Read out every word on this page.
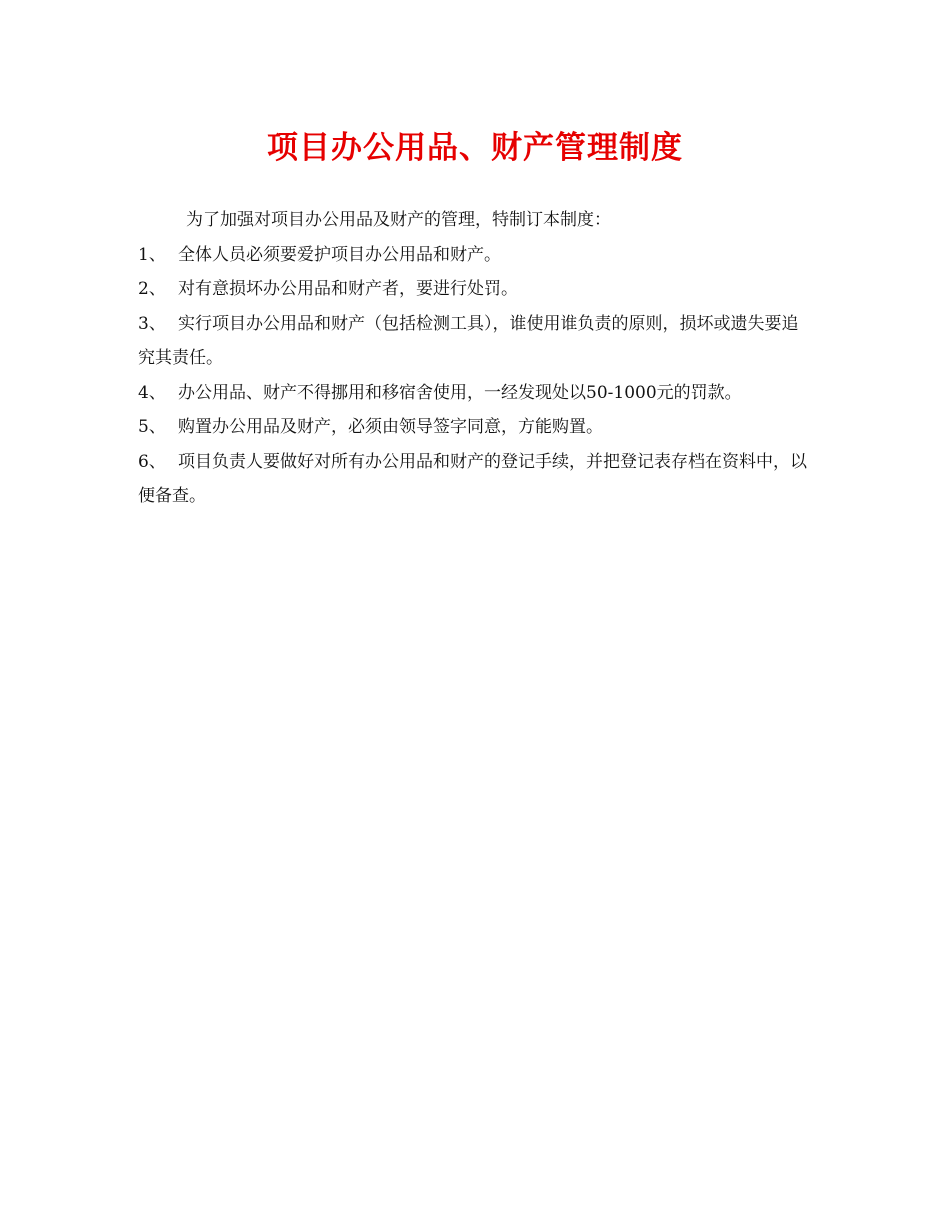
项目办公用品、财产管理制度

为了加强对项目办公用品及财产的管理，特制订本制度：

1、 全体人员必须要爱护项目办公用品和财产。

2、 对有意损坏办公用品和财产者，要进行处罚。

3、 实行项目办公用品和财产（包括检测工具），谁使用谁负责的原则，损坏或遗失要追究其责任。

4、 办公用品、财产不得挪用和移宿舍使用，一经发现处以50-1000元的罚款。

5、 购置办公用品及财产，必须由领导签字同意，方能购置。

6、 项目负责人要做好对所有办公用品和财产的登记手续，并把登记表存档在资料中，以便备查。
